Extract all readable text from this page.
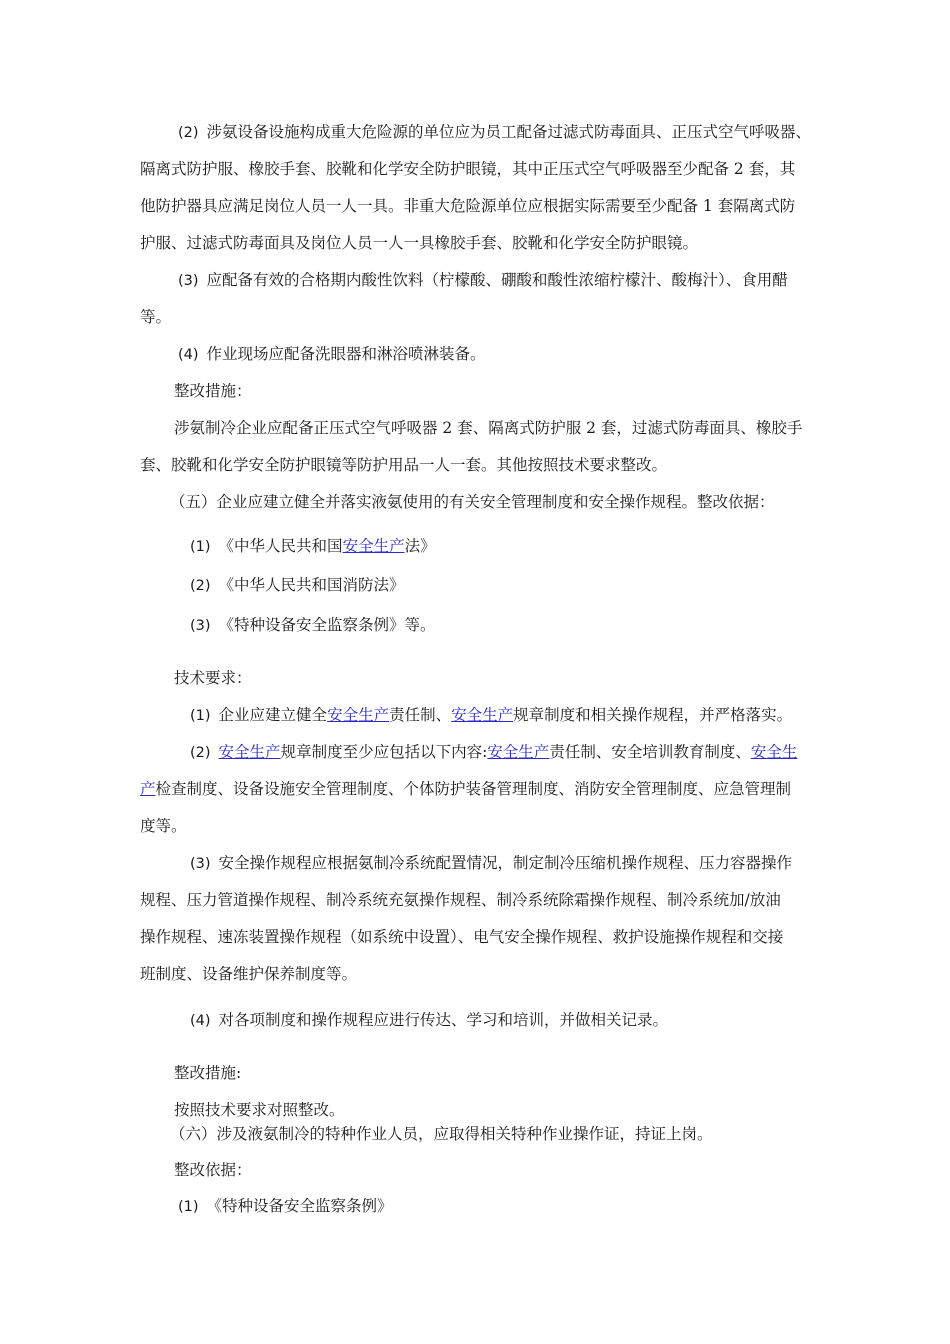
(2) 涉氨设备设施构成重大危险源的单位应为员工配备过滤式防毒面具、正压式空气呼吸器、
隔离式防护服、橡胶手套、胶靴和化学安全防护眼镜，其中正压式空气呼吸器至少配备 2 套，其
他防护器具应满足岗位人员一人一具。非重大危险源单位应根据实际需要至少配备 1 套隔离式防
护服、过滤式防毒面具及岗位人员一人一具橡胶手套、胶靴和化学安全防护眼镜。
(3) 应配备有效的合格期内酸性饮料（柠檬酸、硼酸和酸性浓缩柠檬汁、酸梅汁）、食用醋
等。
(4) 作业现场应配备洗眼器和淋浴喷淋装备。
整改措施：
涉氨制冷企业应配备正压式空气呼吸器 2 套、隔离式防护服 2 套，过滤式防毒面具、橡胶手
套、胶靴和化学安全防护眼镜等防护用品一人一套。其他按照技术要求整改。
（五）企业应建立健全并落实液氨使用的有关安全管理制度和安全操作规程。整改依据：
(1) 《中华人民共和国安全生产法》
(2) 《中华人民共和国消防法》
(3) 《特种设备安全监察条例》等。
技术要求：
(1) 企业应建立健全安全生产责任制、安全生产规章制度和相关操作规程，并严格落实。
(2) 安全生产规章制度至少应包括以下内容:安全生产责任制、安全培训教育制度、安全生
产检查制度、设备设施安全管理制度、个体防护装备管理制度、消防安全管理制度、应急管理制
度等。
(3) 安全操作规程应根据氨制冷系统配置情况，制定制冷压缩机操作规程、压力容器操作
规程、压力管道操作规程、制冷系统充氨操作规程、制冷系统除霜操作规程、制冷系统加/放油
操作规程、速冻装置操作规程（如系统中设置）、电气安全操作规程、救护设施操作规程和交接
班制度、设备维护保养制度等。
(4) 对各项制度和操作规程应进行传达、学习和培训，并做相关记录。
整改措施:
按照技术要求对照整改。
（六）涉及液氨制冷的特种作业人员，应取得相关特种作业操作证，持证上岗。
整改依据：
(1) 《特种设备安全监察条例》
